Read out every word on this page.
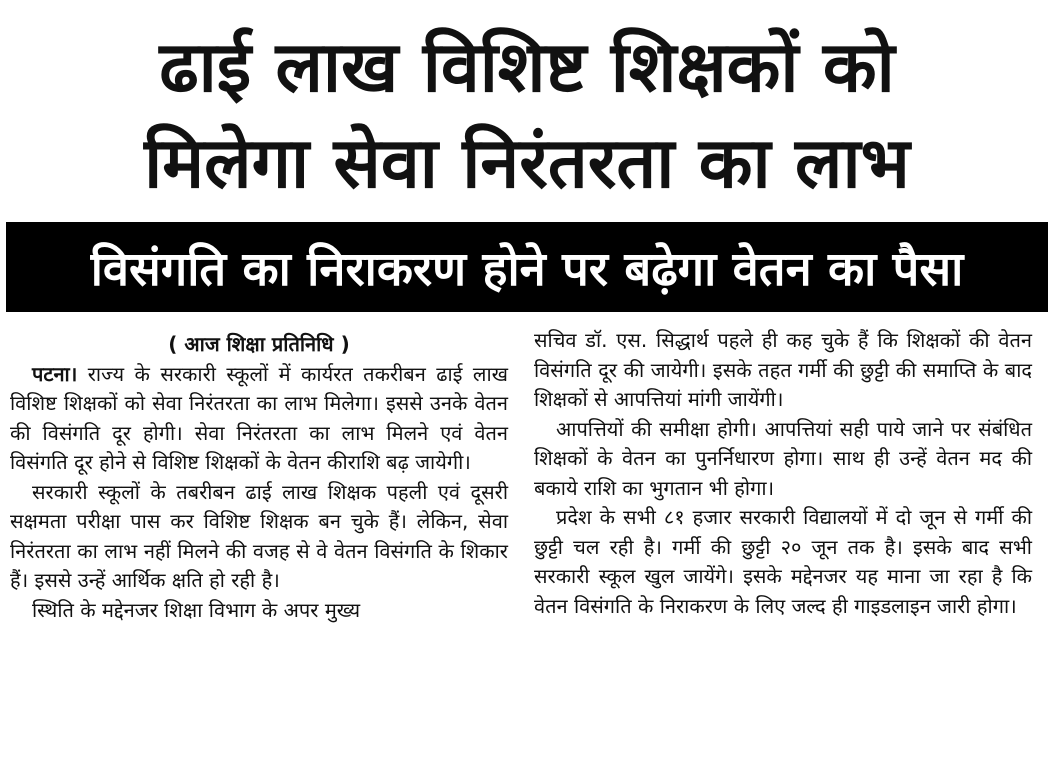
ढाई लाख विशिष्ट शिक्षकों को
मिलेगा सेवा निरंतरता का लाभ
विसंगति का निराकरण होने पर बढ़ेगा वेतन का पैसा
( आज शिक्षा प्रतिनिधि )

पटना। राज्य के सरकारी स्कूलों में कार्यरत तकरीबन ढाई लाख विशिष्ट शिक्षकों को सेवा निरंतरता का लाभ मिलेगा। इससे उनके वेतन की विसंगति दूर होगी। सेवा निरंतरता का लाभ मिलने एवं वेतन विसंगति दूर होने से विशिष्ट शिक्षकों के वेतन कीराशि बढ़ जायेगी।

सरकारी स्कूलों के तबरीबन ढाई लाख शिक्षक पहली एवं दूसरी सक्षमता परीक्षा पास कर विशिष्ट शिक्षक बन चुके हैं। लेकिन, सेवा निरंतरता का लाभ नहीं मिलने की वजह से वे वेतन विसंगति के शिकार हैं। इससे उन्हें आर्थिक क्षति हो रही है।

स्थिति के मद्देनजर शिक्षा विभाग के अपर मुख्य

सचिव डॉ. एस. सिद्धार्थ पहले ही कह चुके हैं कि शिक्षकों की वेतन विसंगति दूर की जायेगी। इसके तहत गर्मी की छुट्टी की समाप्ति के बाद शिक्षकों से आपत्तियां मांगी जायेंगी।

आपत्तियों की समीक्षा होगी। आपत्तियां सही पाये जाने पर संबंधित शिक्षकों के वेतन का पुनर्निधारण होगा। साथ ही उन्हें वेतन मद की बकाये राशि का भुगतान भी होगा।

प्रदेश के सभी ८१ हजार सरकारी विद्यालयों में दो जून से गर्मी की छुट्टी चल रही है। गर्मी की छुट्टी २० जून तक है। इसके बाद सभी सरकारी स्कूल खुल जायेंगे। इसके मद्देनजर यह माना जा रहा है कि वेतन विसंगति के निराकरण के लिए जल्द ही गाइडलाइन जारी होगा।
